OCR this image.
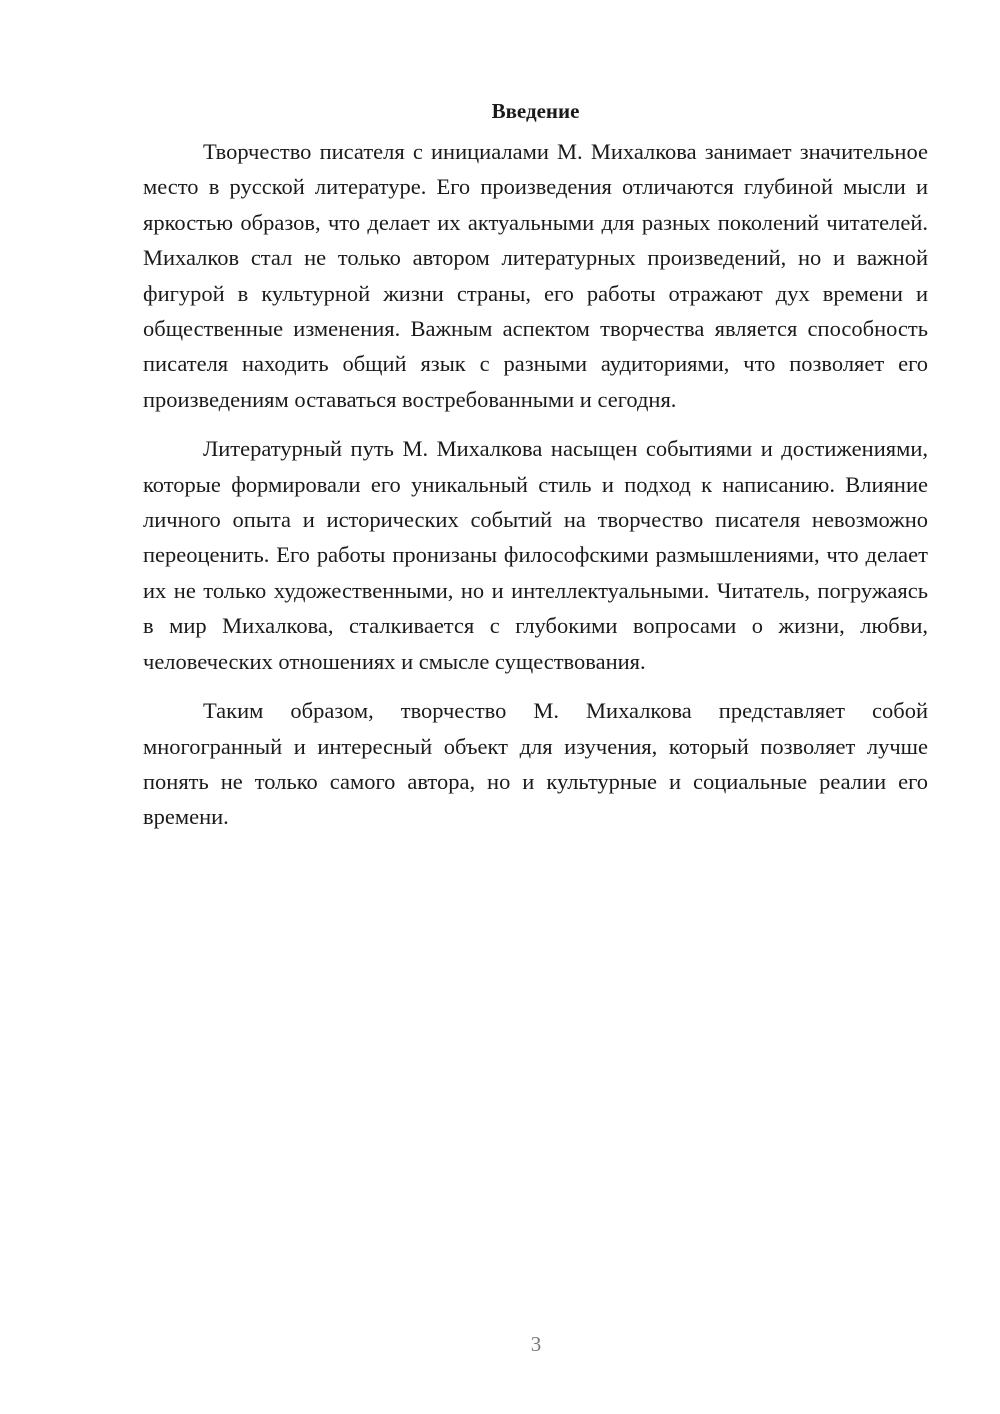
Введение

Творчество писателя с инициалами М. Михалкова занимает значительное место в русской литературе. Его произведения отличаются глубиной мысли и яркостью образов, что делает их актуальными для разных поколений читателей. Михалков стал не только автором литературных произведений, но и важной фигурой в культурной жизни страны, его работы отражают дух времени и общественные изменения. Важным аспектом творчества является способность писателя находить общий язык с разными аудиториями, что позволяет его произведениям оставаться востребованными и сегодня.

Литературный путь М. Михалкова насыщен событиями и достижениями, которые формировали его уникальный стиль и подход к написанию. Влияние личного опыта и исторических событий на творчество писателя невозможно переоценить. Его работы пронизаны философскими размышлениями, что делает их не только художественными, но и интеллектуальными. Читатель, погружаясь в мир Михалкова, сталкивается с глубокими вопросами о жизни, любви, человеческих отношениях и смысле существования.

Таким образом, творчество М. Михалкова представляет собой многогранный и интересный объект для изучения, который позволяет лучше понять не только самого автора, но и культурные и социальные реалии его времени.

3
